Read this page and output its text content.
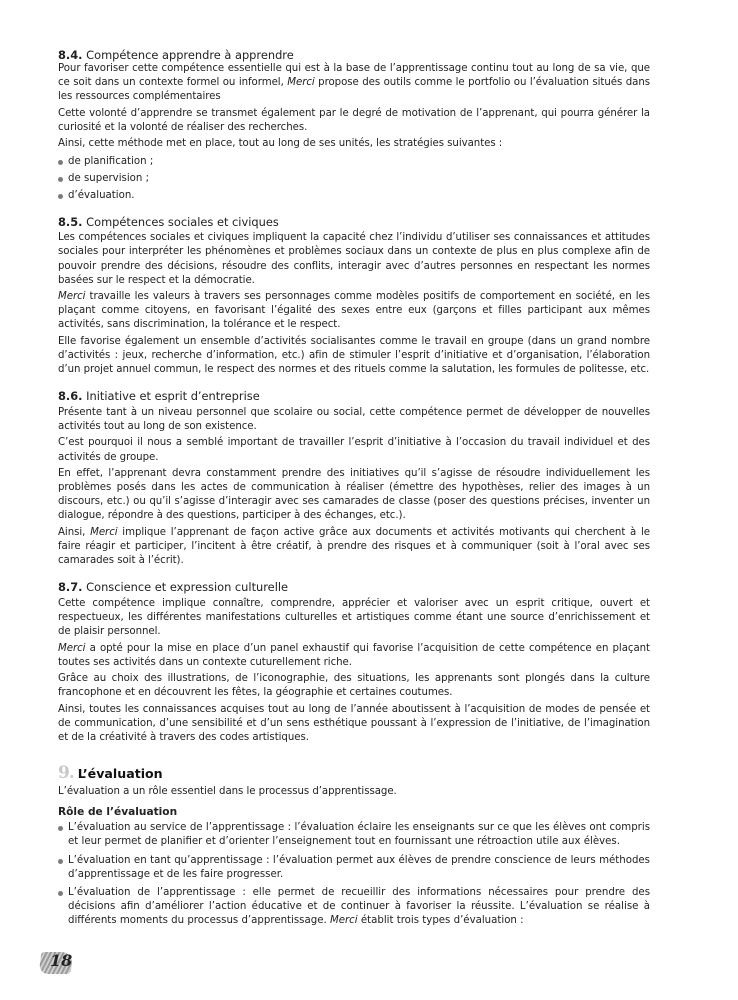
8.4. Compétence apprendre à apprendre

Pour favoriser cette compétence essentielle qui est à la base de l’apprentissage continu tout au long de sa vie, que ce soit dans un contexte formel ou informel, Merci propose des outils comme le portfolio ou l’évaluation situés dans les ressources complémentaires

Cette volonté d’apprendre se transmet également par le degré de motivation de l’apprenant, qui pourra générer la curiosité et la volonté de réaliser des recherches.

Ainsi, cette méthode met en place, tout au long de ses unités, les stratégies suivantes :

de planification ;
de supervision ;
d’évaluation.
8.5. Compétences sociales et civiques

Les compétences sociales et civiques impliquent la capacité chez l’individu d’utiliser ses connaissances et attitudes sociales pour interpréter les phénomènes et problèmes sociaux dans un contexte de plus en plus complexe afin de pouvoir prendre des décisions, résoudre des conflits, interagir avec d’autres personnes en respectant les normes basées sur le respect et la démocratie.

Merci travaille les valeurs à travers ses personnages comme modèles positifs de comportement en société, en les plaçant comme citoyens, en favorisant l’égalité des sexes entre eux (garçons et filles participant aux mêmes activités, sans discrimination, la tolérance et le respect.

Elle favorise également un ensemble d’activités socialisantes comme le travail en groupe (dans un grand nombre d’activités : jeux, recherche d’information, etc.) afin de stimuler l’esprit d’initiative et d’organisation, l’élaboration d’un projet annuel commun, le respect des normes et des rituels comme la salutation, les formules de politesse, etc.

8.6. Initiative et esprit d’entreprise

Présente tant à un niveau personnel que scolaire ou social, cette compétence permet de développer de nouvelles activités tout au long de son existence.

C’est pourquoi il nous a semblé important de travailler l’esprit d’initiative à l’occasion du travail individuel et des activités de groupe.

En effet, l’apprenant devra constamment prendre des initiatives qu’il s’agisse de résoudre individuellement les problèmes posés dans les actes de communication à réaliser (émettre des hypothèses, relier des images à un discours, etc.) ou qu’il s’agisse d’interagir avec ses camarades de classe (poser des questions précises, inventer un dialogue, répondre à des questions, participer à des échanges, etc.).

Ainsi, Merci implique l’apprenant de façon active grâce aux documents et activités motivants qui cherchent à le faire réagir et participer, l’incitent à être créatif, à prendre des risques et à communiquer (soit à l’oral avec ses camarades soit à l’écrit).

8.7. Conscience et expression culturelle

Cette compétence implique connaître, comprendre, apprécier et valoriser avec un esprit critique, ouvert et respectueux, les différentes manifestations culturelles et artistiques comme étant une source d’enrichissement et de plaisir personnel.

Merci a opté pour la mise en place d’un panel exhaustif qui favorise l’acquisition de cette compétence en plaçant toutes ses activités dans un contexte cuturellement riche.

Grâce au choix des illustrations, de l’iconographie, des situations, les apprenants sont plongés dans la culture francophone et en découvrent les fêtes, la géographie et certaines coutumes.

Ainsi, toutes les connaissances acquises tout au long de l’année aboutissent à l’acquisition de modes de pensée et de communication, d’une sensibilité et d’un sens esthétique poussant à l’expression de l’initiative, de l’imagination et de la créativité à travers des codes artistiques.

9. L’évaluation

L’évaluation a un rôle essentiel dans le processus d’apprentissage.

Rôle de l’évaluation
L’évaluation au service de l’apprentissage : l’évaluation éclaire les enseignants sur ce que les élèves ont compris et leur permet de planifier et d’orienter l’enseignement tout en fournissant une rétroaction utile aux élèves.
L’évaluation en tant qu’apprentissage : l’évaluation permet aux élèves de prendre conscience de leurs méthodes d’apprentissage et de les faire progresser.
L’évaluation de l’apprentissage : elle permet de recueillir des informations nécessaires pour prendre des décisions afin d’améliorer l’action éducative et de continuer à favoriser la réussite. L’évaluation se réalise à différents moments du processus d’apprentissage. Merci établit trois types d’évaluation :
18
